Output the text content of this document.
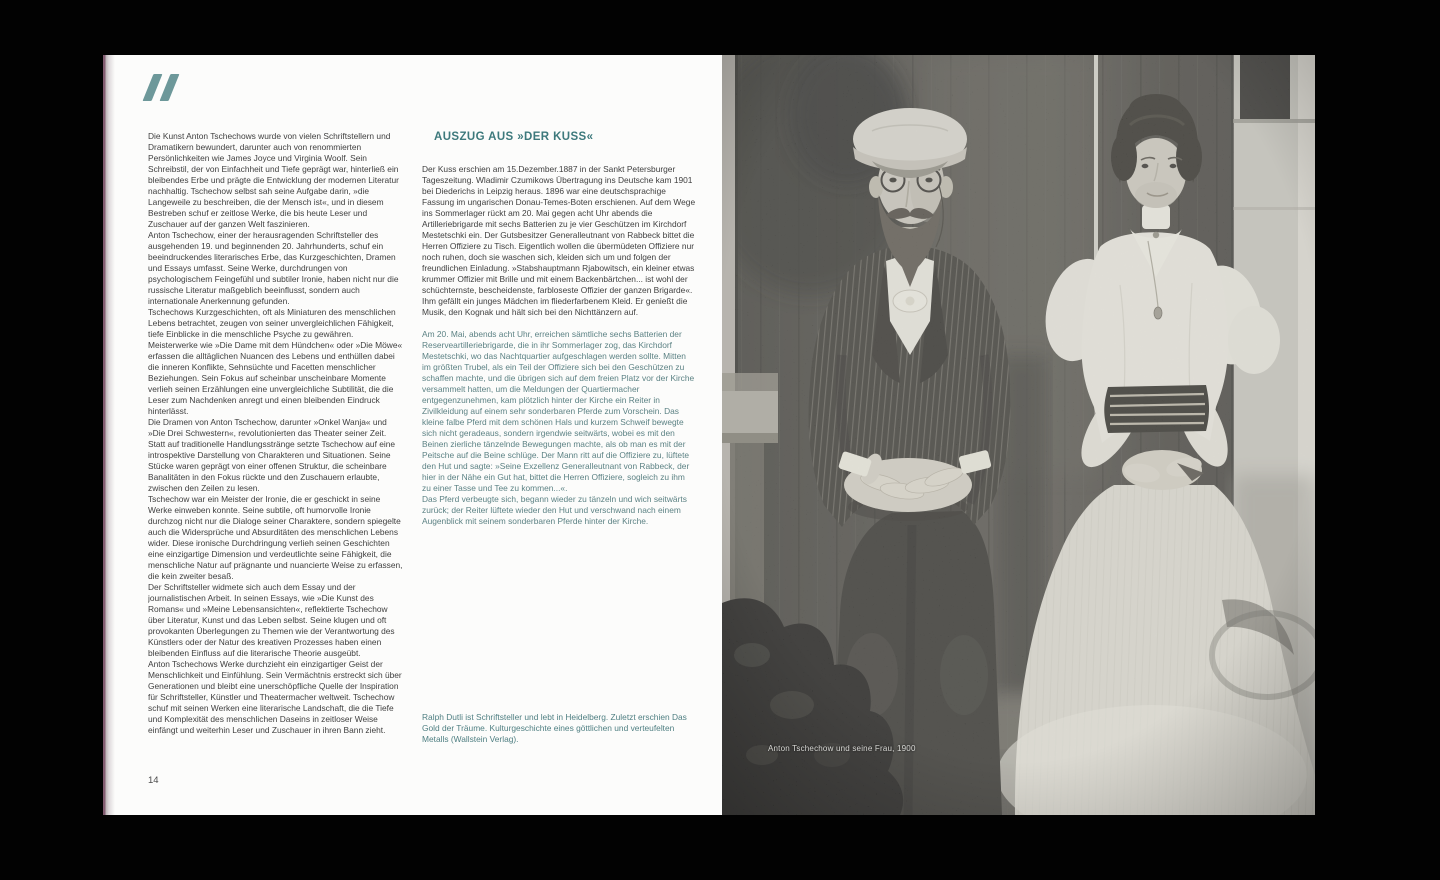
Die Kunst Anton Tschechows wurde von vielen Schriftstellern und Dramatikern bewundert, darunter auch von renommierten Persönlichkeiten wie James Joyce und Virginia Woolf. Sein Schreibstil, der von Einfachheit und Tiefe geprägt war, hinterließ ein bleibendes Erbe und prägte die Entwicklung der modernen Literatur nachhaltig. Tschechow selbst sah seine Aufgabe darin, »die Langeweile zu beschreiben, die der Mensch ist«, und in diesem Bestreben schuf er zeitlose Werke, die bis heute Leser und Zuschauer auf der ganzen Welt faszinieren.

Anton Tschechow, einer der herausragenden Schriftsteller des ausgehenden 19. und beginnenden 20. Jahrhunderts, schuf ein beeindruckendes literarisches Erbe, das Kurzgeschichten, Dramen und Essays umfasst. Seine Werke, durchdrungen von psychologischem Feingefühl und subtiler Ironie, haben nicht nur die russische Literatur maßgeblich beeinflusst, sondern auch internationale Anerkennung gefunden.

Tschechows Kurzgeschichten, oft als Miniaturen des menschlichen Lebens betrachtet, zeugen von seiner unvergleichlichen Fähigkeit, tiefe Einblicke in die menschliche Psyche zu gewähren. Meisterwerke wie »Die Dame mit dem Hündchen« oder »Die Möwe« erfassen die alltäglichen Nuancen des Lebens und enthüllen dabei die inneren Konflikte, Sehnsüchte und Facetten menschlicher Beziehungen. Sein Fokus auf scheinbar unscheinbare Momente verlieh seinen Erzählungen eine unvergleichliche Subtilität, die die Leser zum Nachdenken anregt und einen bleibenden Eindruck hinterlässt.

Die Dramen von Anton Tschechow, darunter »Onkel Wanja« und »Die Drei Schwestern«, revolutionierten das Theater seiner Zeit. Statt auf traditionelle Handlungsstränge setzte Tschechow auf eine introspektive Darstellung von Charakteren und Situationen. Seine Stücke waren geprägt von einer offenen Struktur, die scheinbare Banalitäten in den Fokus rückte und den Zuschauern erlaubte, zwischen den Zeilen zu lesen.

Tschechow war ein Meister der Ironie, die er geschickt in seine Werke einweben konnte. Seine subtile, oft humorvolle Ironie durchzog nicht nur die Dialoge seiner Charaktere, sondern spiegelte auch die Widersprüche und Absurditäten des menschlichen Lebens wider. Diese ironische Durchdringung verlieh seinen Geschichten eine einzigartige Dimension und verdeutlichte seine Fähigkeit, die menschliche Natur auf prägnante und nuancierte Weise zu erfassen, die kein zweiter besaß.

Der Schriftsteller widmete sich auch dem Essay und der journalistischen Arbeit. In seinen Essays, wie »Die Kunst des Romans« und »Meine Lebensansichten«, reflektierte Tschechow über Literatur, Kunst und das Leben selbst. Seine klugen und oft provokanten Überlegungen zu Themen wie der Verantwortung des Künstlers oder der Natur des kreativen Prozesses haben einen bleibenden Einfluss auf die literarische Theorie ausgeübt.

Anton Tschechows Werke durchzieht ein einzigartiger Geist der Menschlichkeit und Einfühlung. Sein Vermächtnis erstreckt sich über Generationen und bleibt eine unerschöpfliche Quelle der Inspiration für Schriftsteller, Künstler und Theatermacher weltweit. Tschechow schuf mit seinen Werken eine literarische Landschaft, die die Tiefe und Komplexität des menschlichen Daseins in zeitloser Weise einfängt und weiterhin Leser und Zuschauer in ihren Bann zieht.

AUSZUG AUS »DER KUSS«

Der Kuss erschien am 15.Dezember.1887 in der Sankt Petersburger Tageszeitung. Wladimir Czumikows Übertragung ins Deutsche kam 1901 bei Diederichs in Leipzig heraus. 1896 war eine deutschsprachige Fassung im ungarischen Donau-Temes-Boten erschienen. Auf dem Wege ins Sommerlager rückt am 20. Mai gegen acht Uhr abends die Artilleriebrigarde mit sechs Batterien zu je vier Geschützen im Kirchdorf Mestetschki ein. Der Gutsbesitzer Generalleutnant von Rabbeck bittet die Herren Offiziere zu Tisch. Eigentlich wollen die übermüdeten Offiziere nur noch ruhen, doch sie waschen sich, kleiden sich um und folgen der freundlichen Einladung. »Stabshauptmann Rjabowitsch, ein kleiner etwas krummer Offizier mit Brille und mit einem Backenbärtchen... ist wohl der schüchternste, bescheidenste, farbloseste Offizier der ganzen Brigarde«. Ihm gefällt ein junges Mädchen im fliederfarbenem Kleid. Er genießt die Musik, den Kognak und hält sich bei den Nichttänzern auf.

Am 20. Mai, abends acht Uhr, erreichen sämtliche sechs Batterien der Reserveartilleriebrigarde, die in ihr Sommerlager zog, das Kirchdorf Mestetschki, wo das Nachtquartier aufgeschlagen werden sollte. Mitten im größten Trubel, als ein Teil der Offiziere sich bei den Geschützen zu schaffen machte, und die übrigen sich auf dem freien Platz vor der Kirche versammelt hatten, um die Meldungen der Quartiermacher entgegenzunehmen, kam plötzlich hinter der Kirche ein Reiter in Zivilkleidung auf einem sehr sonderbaren Pferde zum Vorschein. Das kleine falbe Pferd mit dem schönen Hals und kurzem Schweif bewegte sich nicht geradeaus, sondern irgendwie seitwärts, wobei es mit den Beinen zierliche tänzelnde Bewegungen machte, als ob man es mit der Peitsche auf die Beine schlüge. Der Mann ritt auf die Offiziere zu, lüftete den Hut und sagte: »Seine Exzellenz Generalleutnant von Rabbeck, der hier in der Nähe ein Gut hat, bittet die Herren Offiziere, sogleich zu ihm zu einer Tasse und Tee zu kommen...«.

Das Pferd verbeugte sich, begann wieder zu tänzeln und wich seitwärts zurück; der Reiter lüftete wieder den Hut und verschwand nach einem Augenblick mit seinem sonderbaren Pferde hinter der Kirche.

Ralph Dutli ist Schriftsteller und lebt in Heidelberg. Zuletzt erschien Das Gold der Träume. Kulturgeschichte eines göttlichen und verteufelten Metalls (Wallstein Verlag).

14
Anton Tschechow und seine Frau, 1900
